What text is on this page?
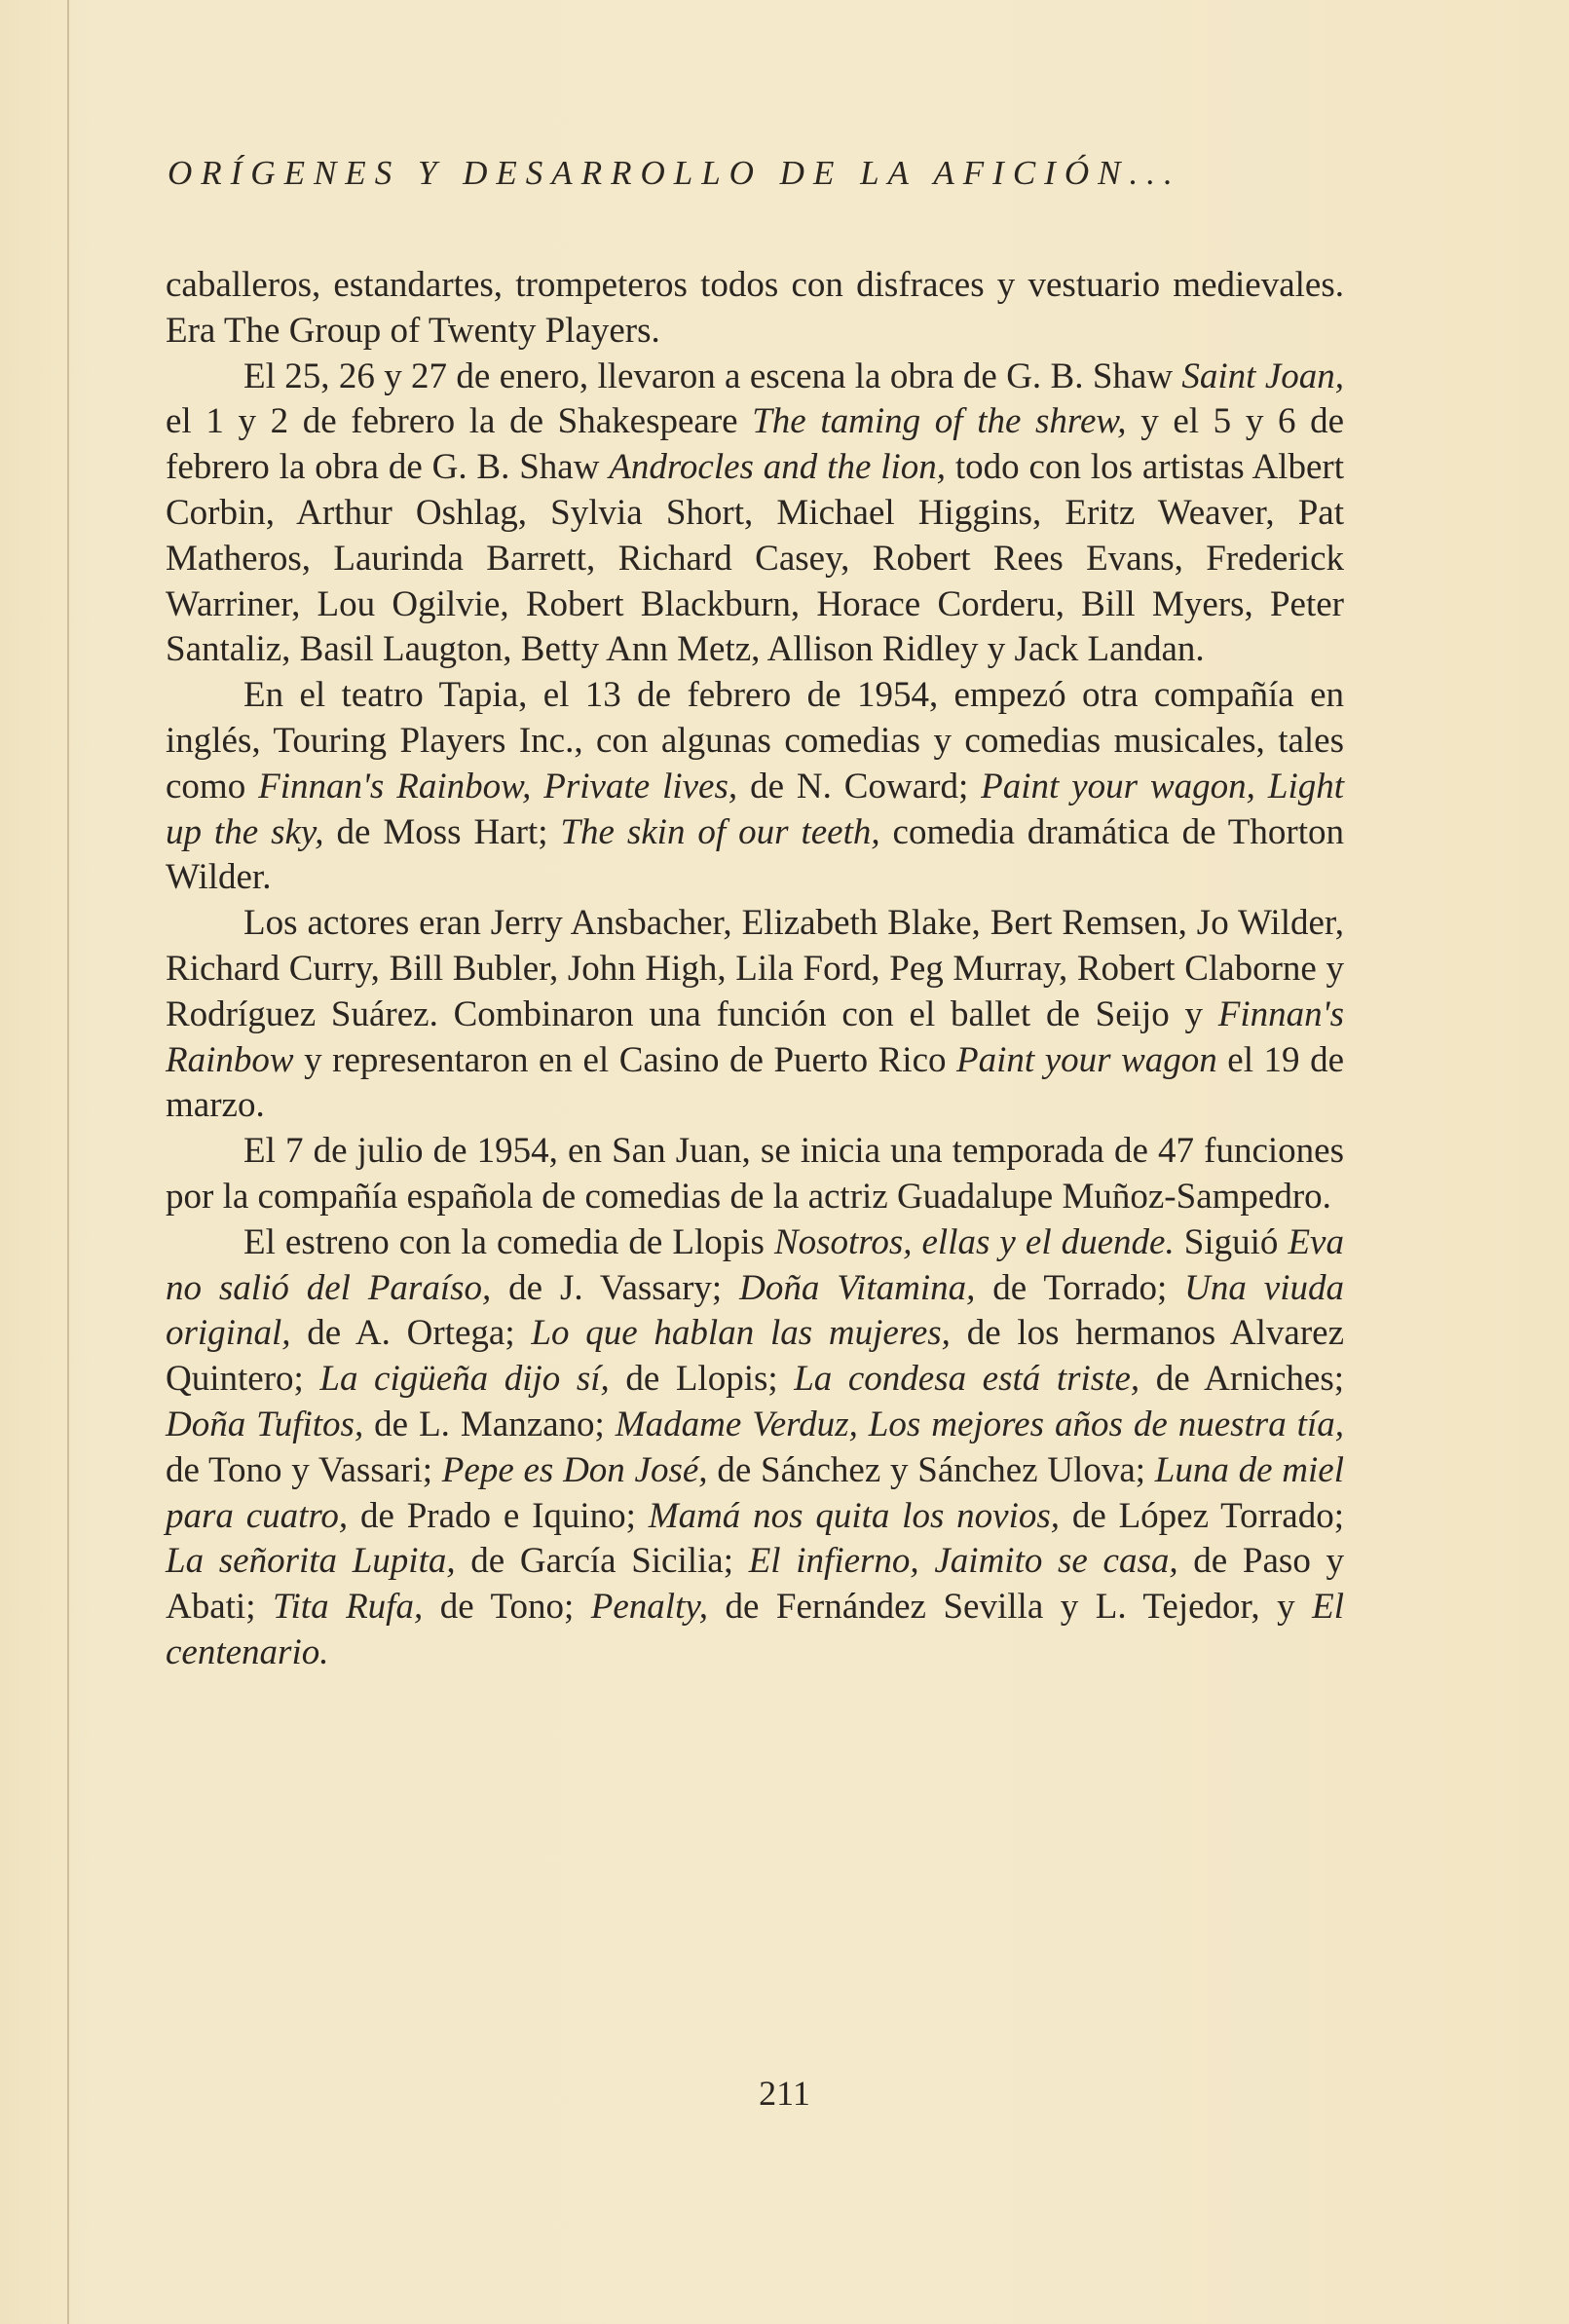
ORÍGENES Y DESARROLLO DE LA AFICIÓN...

caballeros, estandartes, trompeteros todos con disfraces y vestuario medievales. Era The Group of Twenty Players.

El 25, 26 y 27 de enero, llevaron a escena la obra de G. B. Shaw Saint Joan, el 1 y 2 de febrero la de Shakespeare The taming of the shrew, y el 5 y 6 de febrero la obra de G. B. Shaw Androcles and the lion, todo con los artistas Albert Corbin, Arthur Oshlag, Sylvia Short, Michael Higgins, Eritz Weaver, Pat Matheros, Laurinda Barrett, Richard Casey, Robert Rees Evans, Frederick Warriner, Lou Ogilvie, Robert Blackburn, Horace Corderu, Bill Myers, Peter Santaliz, Basil Laugton, Betty Ann Metz, Allison Ridley y Jack Landan.

En el teatro Tapia, el 13 de febrero de 1954, empezó otra compañía en inglés, Touring Players Inc., con algunas comedias y comedias musicales, tales como Finnan's Rainbow, Private lives, de N. Coward; Paint your wagon, Light up the sky, de Moss Hart; The skin of our teeth, comedia dramática de Thorton Wilder.

Los actores eran Jerry Ansbacher, Elizabeth Blake, Bert Remsen, Jo Wilder, Richard Curry, Bill Bubler, John High, Lila Ford, Peg Murray, Robert Claborne y Rodríguez Suárez. Combinaron una función con el ballet de Seijo y Finnan's Rainbow y representaron en el Casino de Puerto Rico Paint your wagon el 19 de marzo.

El 7 de julio de 1954, en San Juan, se inicia una temporada de 47 funciones por la compañía española de comedias de la actriz Guadalupe Muñoz-Sampedro.

El estreno con la comedia de Llopis Nosotros, ellas y el duende. Siguió Eva no salió del Paraíso, de J. Vassary; Doña Vitamina, de Torrado; Una viuda original, de A. Ortega; Lo que hablan las mujeres, de los hermanos Alvarez Quintero; La cigüeña dijo sí, de Llopis; La condesa está triste, de Arniches; Doña Tufitos, de L. Manzano; Madame Verduz, Los mejores años de nuestra tía, de Tono y Vassari; Pepe es Don José, de Sánchez y Sánchez Ulova; Luna de miel para cuatro, de Prado e Iquino; Mamá nos quita los novios, de López Torrado; La señorita Lupita, de García Sicilia; El infierno, Jaimito se casa, de Paso y Abati; Tita Rufa, de Tono; Penalty, de Fernández Sevilla y L. Tejedor, y El centenario.

211
